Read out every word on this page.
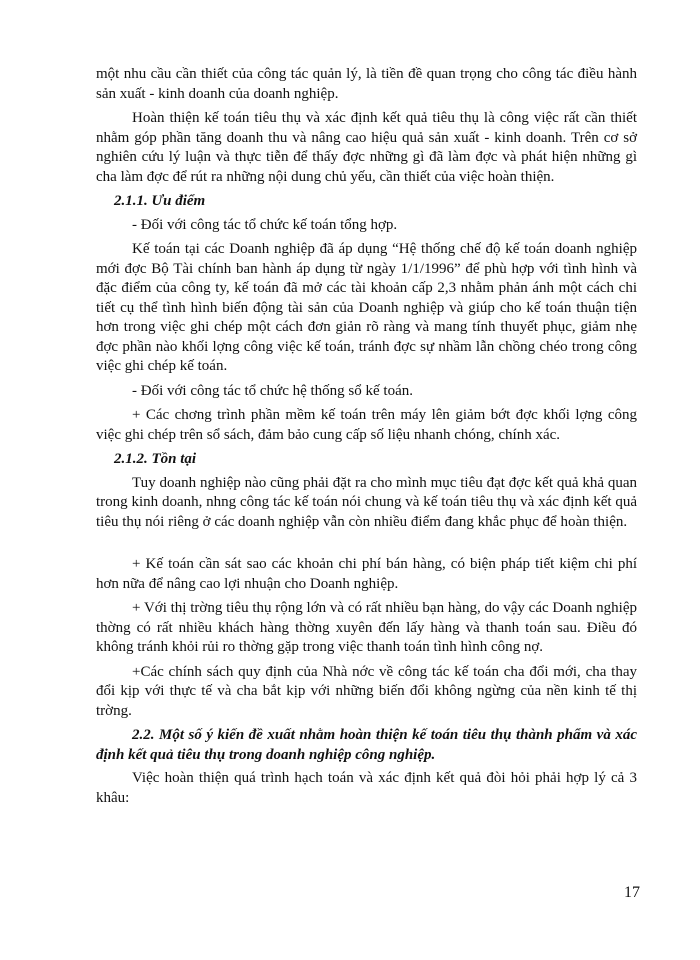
một nhu cầu cần thiết của công tác quản lý, là tiền đề quan trọng cho công tác điều hành sản xuất - kinh doanh của doanh nghiệp.

Hoàn thiện kế toán tiêu thụ và xác định kết quả tiêu thụ là công việc rất cần thiết nhằm góp phần tăng doanh thu và nâng cao hiệu quả sản xuất - kinh doanh. Trên cơ sở nghiên cứu lý luận và thực tiễn để thấy đợc những gì đã làm đợc và phát hiện những gì cha làm đợc để rút ra những nội dung chủ yếu, cần thiết của việc hoàn thiện.

2.1.1. Ưu điểm

- Đối với công tác tổ chức kế toán tổng hợp.

Kế toán tại các Doanh nghiệp đã áp dụng “Hệ thống chế độ kế toán doanh nghiệp mới đợc Bộ Tài chính ban hành áp dụng từ ngày 1/1/1996” để phù hợp với tình hình và đặc điểm của công ty, kế toán đã mở các tài khoản cấp 2,3 nhằm phản ánh một cách chi tiết cụ thể tình hình biến động tài sản của Doanh nghiệp và giúp cho kế toán thuận tiện hơn trong việc ghi chép một cách đơn giản rõ ràng và mang tính thuyết phục, giảm nhẹ đợc phần nào khối lợng công việc kế toán, tránh đợc sự nhầm lẫn chồng chéo trong công việc ghi chép kế toán.

- Đối với công tác tổ chức hệ thống sổ kế toán.

+ Các chơng trình phần mềm kế toán trên máy lên giảm bớt đợc khối lợng công việc ghi chép trên sổ sách, đảm bảo cung cấp số liệu nhanh chóng, chính xác.

2.1.2. Tồn tại

Tuy doanh nghiệp nào cũng phải đặt ra cho mình mục tiêu đạt đợc kết quả khả quan trong kinh doanh, nhng công tác kế toán nói chung và kế toán tiêu thụ và xác định kết quả tiêu thụ nói riêng ở các doanh nghiệp vẫn còn nhiều điểm đang khắc phục để hoàn thiện.

+ Kế toán cần sát sao các khoản chi phí bán hàng, có biện pháp tiết kiệm chi phí hơn nữa để nâng cao lợi nhuận cho Doanh nghiệp.

+ Với thị trờng tiêu thụ rộng lớn và có rất nhiều bạn hàng, do vậy các Doanh nghiệp thờng có rất nhiều khách hàng thờng xuyên đến lấy hàng và thanh toán sau. Điều đó không tránh khỏi rủi ro thờng gặp trong việc thanh toán tình hình công nợ.

+Các chính sách quy định của Nhà nớc về công tác kế toán cha đổi mới, cha thay đổi kịp với thực tế và cha bắt kịp với những biến đổi không ngừng của nền kinh tế thị trờng.

2.2. Một số ý kiến đề xuất nhằm hoàn thiện kế toán tiêu thụ thành phẩm và xác định kết quả tiêu thụ trong doanh nghiệp công nghiệp.

Việc hoàn thiện quá trình hạch toán và xác định kết quả đòi hỏi phải hợp lý cả 3 khâu:

17
